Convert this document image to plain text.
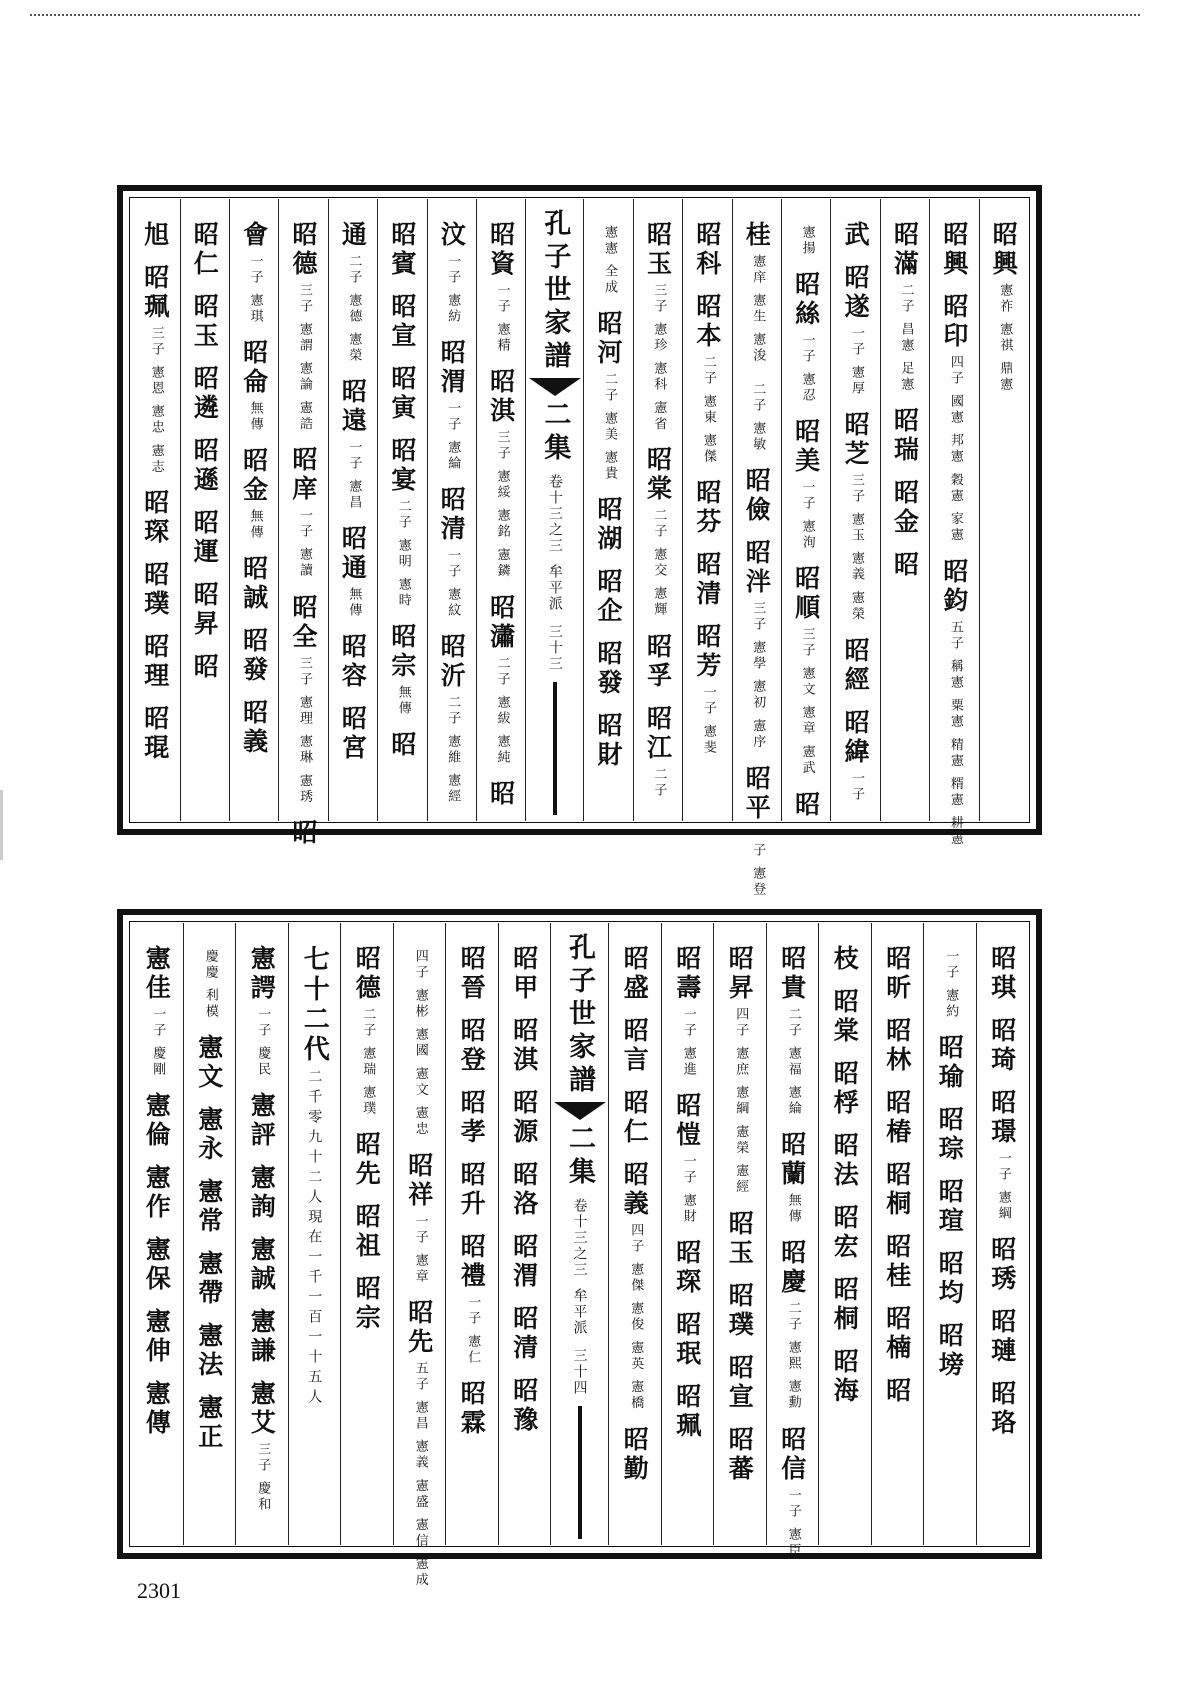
昭興
憲祚 憲祺 鼎憲
昭興
昭印
四子 國憲 邦憲 穀憲 家憲
昭鈞
五子 稱憲 粟憲 精憲 糈憲 耕憲
昭滿
二子 昌憲 足憲
昭瑞
昭金
昭
武
昭遂
一子 憲厚
昭芝
三子 憲玉 憲義 憲榮
昭經
昭緯
一子
憲揚
昭絲
一子 憲忍
昭美
一子 憲洵
昭順
三子 憲文 憲章 憲武
昭
桂
憲庠 憲生 憲浚
二子 憲敏
昭儉
昭泮
三子 憲學 憲初 憲序
昭平
一子 憲登
昭科
昭本
二子 憲東 憲傑
昭芬
昭清
昭芳
一子 憲斐
昭玉
三子 憲珍 憲科 憲省
昭棠
二子 憲交 憲輝
昭孚
昭江
二子
憲憲 全成
昭河
二子 憲美 憲貴
昭湖
昭企
昭發
昭財
孔子世家譜
二集
卷十三之三
牟平派
三十三
昭資
一子 憲精
昭淇
三子 憲綏 憲銘 憲鏻
昭瀟
二子 憲紱 憲純
昭
汶
一子 憲紡
昭渭
一子 憲綸
昭清
一子 憲紋
昭沂
二子 憲維 憲經
昭賓
昭宣
昭寅
昭宴
二子 憲明 憲時
昭宗
無傳
昭
通
二子 憲德 憲榮
昭遠
一子 憲昌
昭通
無傳
昭容
昭宮
昭德
三子 憲謂 憲論 憲誥
昭庠
一子 憲讀
昭全
三子 憲理 憲琳 憲琇
昭
會
一子 憲琪
昭侖
無傳
昭金
無傳
昭誠
昭發
昭義
昭仁
昭玉
昭遴
昭遜
昭運
昭昇
昭
旭
昭珮
三子 憲恩 憲忠 憲志
昭琛
昭璞
昭理
昭琨
昭琪
昭琦
昭璟
一子 憲綱
昭琇
昭璉
昭珞
一子 憲約
昭瑜
昭琮
昭瑄
昭均
昭塝
昭昕
昭林
昭椿
昭桐
昭桂
昭楠
昭
枝
昭棠
昭桴
昭法
昭宏
昭桐
昭海
昭貴
二子 憲福 憲綸
昭蘭
無傳
昭慶
二子 憲熙 憲勳
昭信
一子 憲臣
昭昇
四子 憲庶 憲綱 憲榮 憲經
昭玉
昭璞
昭宣
昭蕃
昭壽
一子 憲進
昭愷
一子 憲財
昭琛
昭珉
昭珮
昭盛
昭言
昭仁
昭義
四子 憲傑 憲俊 憲英 憲橋
昭勤
孔子世家譜
二集
卷十三之三
牟平派
三十四
昭甲
昭淇
昭源
昭洛
昭渭
昭清
昭豫
昭晉
昭登
昭孝
昭升
昭禮
一子 憲仁
昭霖
四子 憲彬 憲國 憲文 憲忠
昭祥
一子 憲章
昭先
五子 憲昌 憲義 憲盛 憲信 憲成
昭德
二子 憲瑞 憲璞
昭先
昭祖
昭宗
七十二代
二千零九十二人現在一千一百一十五人
憲諤
一子 慶民
憲評
憲詢
憲誠
憲謙
憲艾
三子 慶和
慶慶 利模
憲文
憲永
憲常
憲帶
憲法
憲正
憲佳
一子 慶剛
憲倫
憲作
憲保
憲伸
憲傳
2301
